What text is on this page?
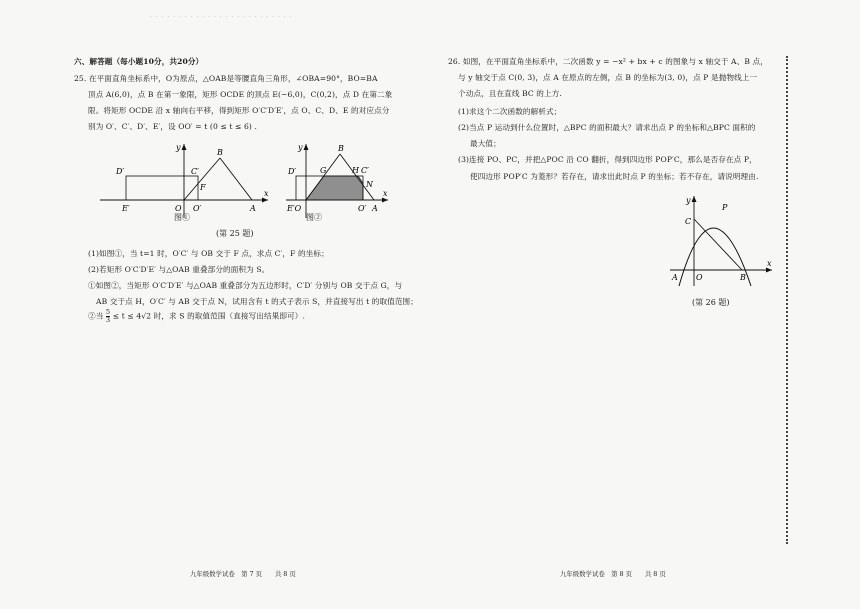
· · · · · · · · · · · · · · · · · · · · · · · · ·
六、解答题（每小题10分，共20分）
25. 在平面直角坐标系中，O为原点，△OAB是等腰直角三角形，∠OBA=90°，BO=BA
顶点 A(6,0)，点 B 在第一象限，矩形 OCDE 的顶点 E(−6,0)，C(0,2)，点 D 在第二象
限。将矩形 OCDE 沿 x 轴向右平移，得到矩形 O′C′D′E′，点 O、C、D、E 的对应点分
别为 O′、C′、D′、E′，设 OO′ = t (0 ≤ t ≤ 6) .
y
x
D′	C′
B
F
E′	O O′	A
y
x
D′	G
B
H C′
N
E′O	O′ A
图①	图②
(第 25 题)
(1)如图①，当 t=1 时，O′C′ 与 OB 交于 F 点，求点 C′，F 的坐标；
(2)若矩形 O′C′D′E′ 与△OAB 重叠部分的面积为 S。
①如图②，当矩形 O′C′D′E′ 与△OAB 重叠部分为五边形时，C′D′ 分别与 OB 交于点 G，与
AB 交于点 H，O′C′ 与 AB 交于点 N，试用含有 t 的式子表示 S，并直接写出 t 的取值范围；
②当 $\frac{5}{3} \le t \le 4√2$ 时，求 S 的取值范围（直接写出结果即可）.
九年级数学试卷　第 7 页　　共 8 页
26. 如图，在平面直角坐标系中，二次函数 y = −x² + bx + c 的图象与 x 轴交于 A、B 点，
与 y 轴交于点 C(0, 3)，点 A 在原点的左侧，点 B 的坐标为(3, 0)，点 P 是抛物线上一
个动点，且在直线 BC 的上方.
(1)求这个二次函数的解析式；
(2)当点 P 运动到什么位置时，△BPC 的面积最大？请求出点 P 的坐标和△BPC 面积的
最大值；
(3)连接 PO、PC，并把△POC 沿 CO 翻折，得到四边形 POP′C，那么是否存在点 P，
使四边形 POP′C 为菱形？若存在，请求出此时点 P 的坐标；若不存在，请说明理由.
y
x
C
P
A O	B
(第 26 题)
九年级数学试卷　第 8 页　　共 8 页
